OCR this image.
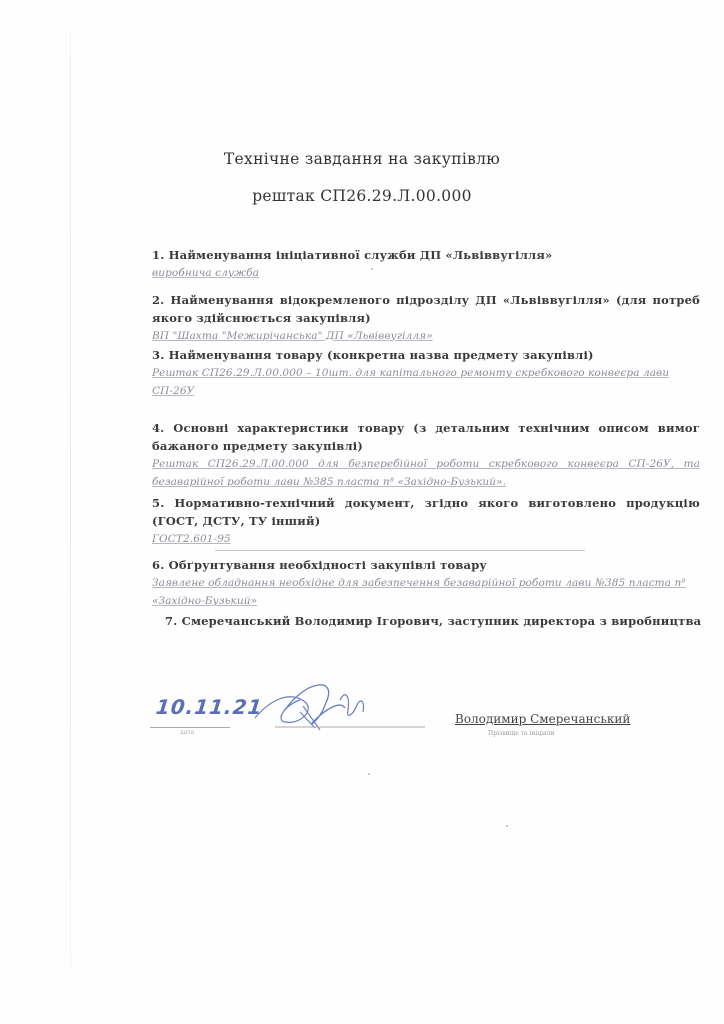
Технічне завдання на закупівлю
рештак СП26.29.Л.00.000
1. Найменування ініціативної служби ДП «Львіввугілля»
виробнича служба
2. Найменування відокремленого підрозділу ДП «Львіввугілля» (для потреб якого здійснюється закупівля)
ВП "Шахта "Межирічанська" ДП «Львіввугілля»
3. Найменування товару (конкретна назва предмету закупівлі)
Рештак СП26.29.Л.00.000 – 10шт. для капітального ремонту скребкового конвеєра лави СП-26У
4. Основні характеристики товару (з детальним технічним описом вимог бажаного предмету закупівлі)
Рештак СП26.29.Л.00.000 для безперебійної роботи скребкового конвеєра СП-26У, та безаварійної роботи лави №385 пласта n⁸ «Західно-Бузький».
5. Нормативно-технічний документ, згідно якого виготовлено продукцію (ГОСТ, ДСТУ, ТУ інший)
ГОСТ2.601-95
6. Обґрунтування необхідності закупівлі товару
Заявлене обладнання необхідне для забезпечення безаварійної роботи лави №385 пласта n⁸ «Західно-Бузький»
7. Смеречанський Володимир Ігорович, заступник директора з виробництва
10.11.21
дата
Володимир Смеречанський
Прізвище та ініціали
